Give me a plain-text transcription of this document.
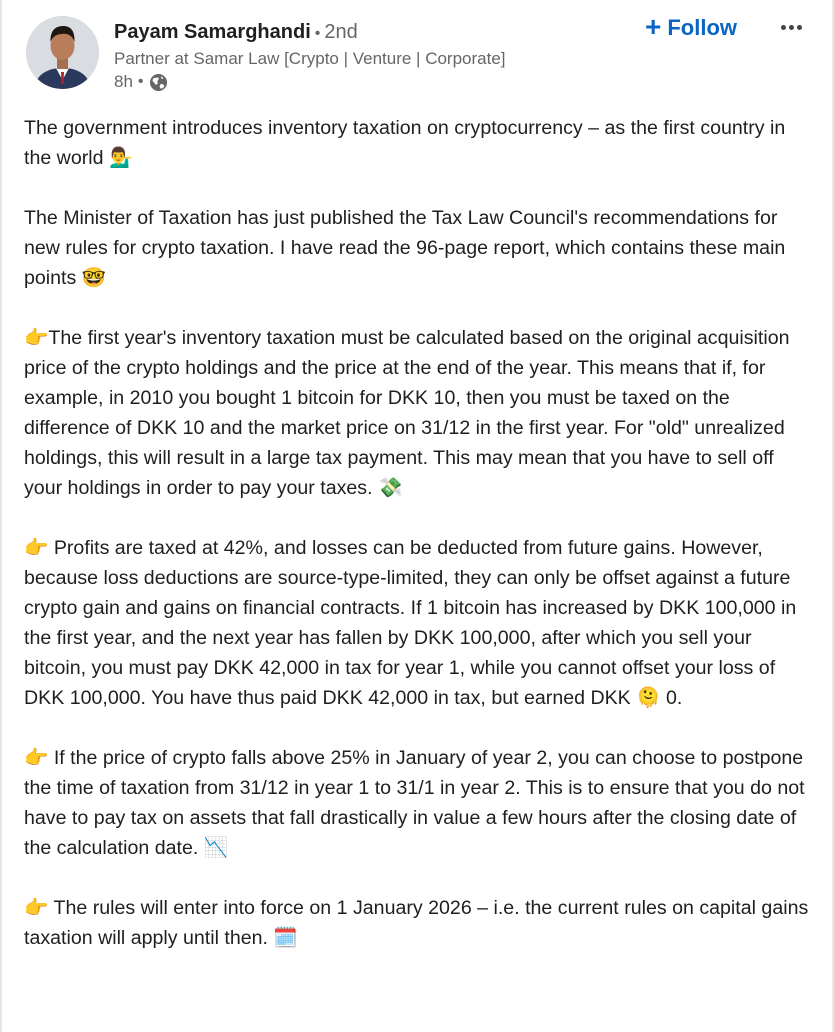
Payam Samarghandi • 2nd
Partner at Samar Law [Crypto | Venture | Corporate]
8h •
+ Follow
The government introduces inventory taxation on cryptocurrency – as the first country in the world 💁‍♂️
The Minister of Taxation has just published the Tax Law Council's recommendations for new rules for crypto taxation. I have read the 96-page report, which contains these main points 🤓
👉The first year's inventory taxation must be calculated based on the original acquisition price of the crypto holdings and the price at the end of the year. This means that if, for example, in 2010 you bought 1 bitcoin for DKK 10, then you must be taxed on the difference of DKK 10 and the market price on 31/12 in the first year. For "old" unrealized holdings, this will result in a large tax payment. This may mean that you have to sell off your holdings in order to pay your taxes. 💸
👉 Profits are taxed at 42%, and losses can be deducted from future gains. However, because loss deductions are source-type-limited, they can only be offset against a future crypto gain and gains on financial contracts. If 1 bitcoin has increased by DKK 100,000 in the first year, and the next year has fallen by DKK 100,000, after which you sell your bitcoin, you must pay DKK 42,000 in tax for year 1, while you cannot offset your loss of DKK 100,000. You have thus paid DKK 42,000 in tax, but earned DKK 🫠 0.
👉 If the price of crypto falls above 25% in January of year 2, you can choose to postpone the time of taxation from 31/12 in year 1 to 31/1 in year 2. This is to ensure that you do not have to pay tax on assets that fall drastically in value a few hours after the closing date of the calculation date. 📉
👉 The rules will enter into force on 1 January 2026 – i.e. the current rules on capital gains taxation will apply until then. 🗓️
